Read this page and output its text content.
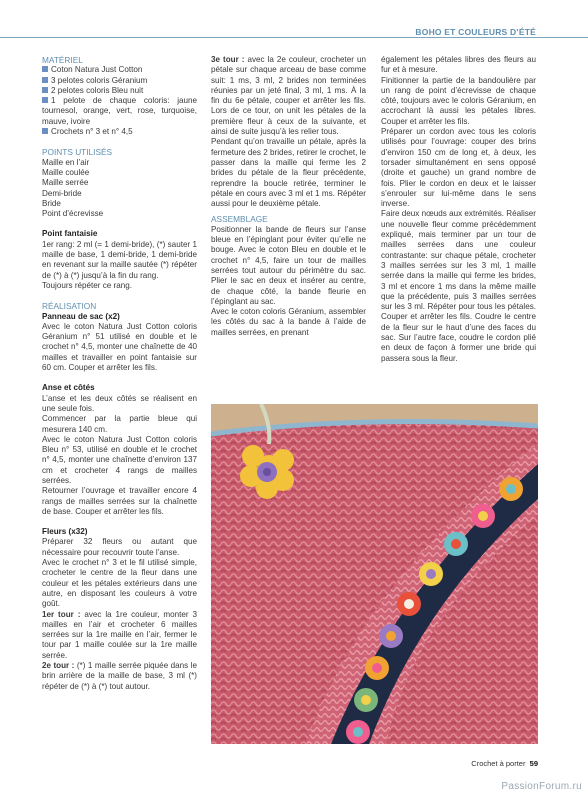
BOHO ET COULEURS D’ÉTÉ

MATÉRIEL

Coton Natura Just Cotton

3 pelotes coloris Géranium

2 pelotes coloris Bleu nuit

1 pelote de chaque coloris: jaune tournesol, orange, vert, rose, turquoise, mauve, ivoire

Crochets n° 3 et n° 4,5

POINTS UTILISÉS

Maille en l’air

Maille coulée

Maille serrée

Demi-bride

Bride

Point d’écrevisse

Point fantaisie

1er rang: 2 ml (= 1 demi-bride), (*) sauter 1 maille de base, 1 demi-bride, 1 demi-bride en revenant sur la maille sautée (*) répéter de (*) à (*) jusqu’à la fin du rang.

Toujours répéter ce rang.

RÉALISATION

Panneau de sac (x2)

Avec le coton Natura Just Cotton coloris Géranium n° 51 utilisé en double et le crochet n° 4,5, monter une chaînette de 40 mailles et travailler en point fantaisie sur 60 cm. Couper et arrêter les fils.

Anse et côtés

L’anse et les deux côtés se réalisent en une seule fois.

Commencer par la partie bleue qui mesurera 140 cm.

Avec le coton Natura Just Cotton coloris Bleu n° 53, utilisé en double et le crochet n° 4,5, monter une chaînette d’environ 137 cm et crocheter 4 rangs de mailles serrées.

Retourner l’ouvrage et travailler encore 4 rangs de mailles serrées sur la chaînette de base. Couper et arrêter les fils.

Fleurs (x32)

Préparer 32 fleurs ou autant que nécessaire pour recouvrir toute l’anse.

Avec le crochet n° 3 et le fil utilisé simple, crocheter le centre de la fleur dans une couleur et les pétales extérieurs dans une autre, en disposant les couleurs à votre goût.

1er tour : avec la 1re couleur, monter 3 mailles en l’air et crocheter 6 mailles serrées sur la 1re maille en l’air, fermer le tour par 1 maille coulée sur la 1re maille serrée.

2e tour : (*) 1 maille serrée piquée dans le brin arrière de la maille de base, 3 ml (*) répéter de (*) à (*) tout autour.

3e tour : avec la 2e couleur, crocheter un pétale sur chaque arceau de base comme suit: 1 ms, 3 ml, 2 brides non terminées réunies par un jeté final, 3 ml, 1 ms. À la fin du 6e pétale, couper et arrêter les fils. Lors de ce tour, on unit les pétales de la première fleur à ceux de la suivante, et ainsi de suite jusqu’à les relier tous.

Pendant qu’on travaille un pétale, après la fermeture des 2 brides, retirer le crochet, le passer dans la maille qui ferme les 2 brides du pétale de la fleur précédente, reprendre la boucle retirée, terminer le pétale en cours avec 3 ml et 1 ms. Répéter aussi pour le deuxième pétale.

ASSEMBLAGE

Positionner la bande de fleurs sur l’anse bleue en l’épinglant pour éviter qu’elle ne bouge. Avec le coton Bleu en double et le crochet n° 4,5, faire un tour de mailles serrées tout autour du périmètre du sac. Plier le sac en deux et insérer au centre, de chaque côté, la bande fleurie en l’épinglant au sac.

Avec le coton coloris Géranium, assembler les côtés du sac à la bande à l’aide de mailles serrées, en prenant

également les pétales libres des fleurs au fur et à mesure.

Finitionner la partie de la bandoulière par un rang de point d’écrevisse de chaque côté, toujours avec le coloris Géranium, en accrochant là aussi les pétales libres. Couper et arrêter les fils.

Préparer un cordon avec tous les coloris utilisés pour l’ouvrage: couper des brins d’environ 150 cm de long et, à deux, les torsader simultanément en sens opposé (droite et gauche) un grand nombre de fois. Plier le cordon en deux et le laisser s’enrouler sur lui-même dans le sens inverse.

Faire deux nœuds aux extrémités. Réaliser une nouvelle fleur comme précédemment expliqué, mais terminer par un tour de mailles serrées dans une couleur contrastante: sur chaque pétale, crocheter 3 mailles serrées sur les 3 ml, 1 maille serrée dans la maille qui ferme les brides, 3 ml et encore 1 ms dans la même maille que la précédente, puis 3 mailles serrées sur les 3 ml. Répéter pour tous les pétales. Couper et arrêter les fils. Coudre le centre de la fleur sur le haut d’une des faces du sac. Sur l’autre face, coudre le cordon plié en deux de façon à former une bride qui passera sous la fleur.

Crochet à porter 59
PassionForum.ru
